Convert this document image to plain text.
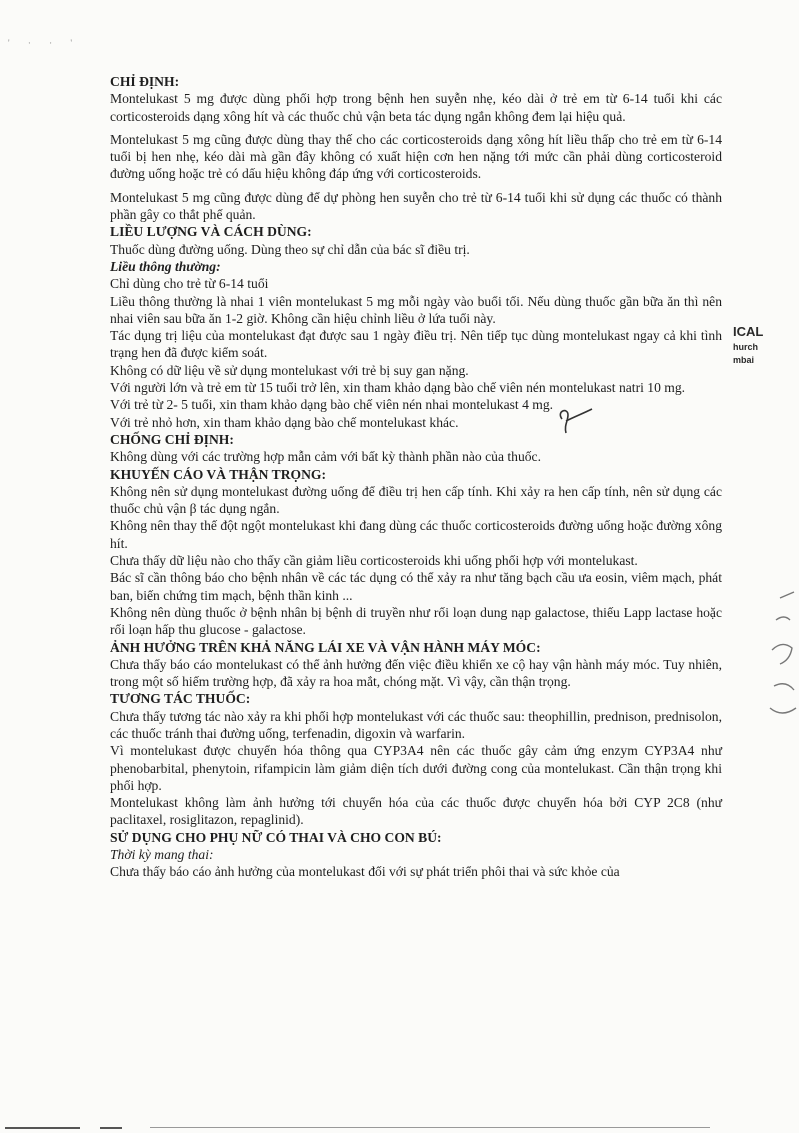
' · · '

CHỈ ĐỊNH:

Montelukast 5 mg được dùng phối hợp trong bệnh hen suyễn nhẹ, kéo dài ở trẻ em từ 6-14 tuổi khi các corticosteroids dạng xông hít và các thuốc chủ vận beta tác dụng ngắn không đem lại hiệu quả.

Montelukast 5 mg cũng được dùng thay thế cho các corticosteroids dạng xông hít liều thấp cho trẻ em từ 6-14 tuổi bị hen nhẹ, kéo dài mà gần đây không có xuất hiện cơn hen nặng tới mức cần phải dùng corticosteroid đường uống hoặc trẻ có dấu hiệu không đáp ứng với corticosteroids.

Montelukast 5 mg cũng được dùng để dự phòng hen suyễn cho trẻ từ 6-14 tuổi khi sử dụng các thuốc có thành phần gây co thắt phế quản.

LIỀU LƯỢNG VÀ CÁCH DÙNG:

Thuốc dùng đường uống. Dùng theo sự chỉ dẫn của bác sĩ điều trị.

Liều thông thường:

Chỉ dùng cho trẻ từ 6-14 tuổi

Liều thông thường là nhai 1 viên montelukast 5 mg mỗi ngày vào buổi tối. Nếu dùng thuốc gần bữa ăn thì nên nhai viên sau bữa ăn 1-2 giờ. Không cần hiệu chỉnh liều ở lứa tuổi này.

Tác dụng trị liệu của montelukast đạt được sau 1 ngày điều trị. Nên tiếp tục dùng montelukast ngay cả khi tình trạng hen đã được kiểm soát.

Không có dữ liệu về sử dụng montelukast với trẻ bị suy gan nặng.

Với người lớn và trẻ em từ 15 tuổi trở lên, xin tham khảo dạng bào chế viên nén montelukast natri 10 mg.

Với trẻ từ 2- 5 tuổi, xin tham khảo dạng bào chế viên nén nhai montelukast 4 mg.

Với trẻ nhỏ hơn, xin tham khảo dạng bào chế montelukast khác.

CHỐNG CHỈ ĐỊNH:

Không dùng với các trường hợp mẫn cảm với bất kỳ thành phần nào của thuốc.

KHUYẾN CÁO VÀ THẬN TRỌNG:

Không nên sử dụng montelukast đường uống để điều trị hen cấp tính. Khi xảy ra hen cấp tính, nên sử dụng các thuốc chủ vận β tác dụng ngắn.

Không nên thay thế đột ngột montelukast khi đang dùng các thuốc corticosteroids đường uống hoặc đường xông hít.

Chưa thấy dữ liệu nào cho thấy cần giảm liều corticosteroids khi uống phối hợp với montelukast.

Bác sĩ cần thông báo cho bệnh nhân về các tác dụng có thể xảy ra như tăng bạch cầu ưa eosin, viêm mạch, phát ban, biến chứng tim mạch, bệnh thần kinh ...

Không nên dùng thuốc ở bệnh nhân bị bệnh di truyền như rối loạn dung nạp galactose, thiếu Lapp lactase hoặc rối loạn hấp thu glucose - galactose.

ẢNH HƯỞNG TRÊN KHẢ NĂNG LÁI XE VÀ VẬN HÀNH MÁY MÓC:

Chưa thấy báo cáo montelukast có thể ảnh hưởng đến việc điều khiển xe cộ hay vận hành máy móc. Tuy nhiên, trong một số hiếm trường hợp, đã xảy ra hoa mắt, chóng mặt. Vì vậy, cần thận trọng.

TƯƠNG TÁC THUỐC:

Chưa thấy tương tác nào xảy ra khi phối hợp montelukast với các thuốc sau: theophillin, prednison, prednisolon, các thuốc tránh thai đường uống, terfenadin, digoxin và warfarin.

Vì montelukast được chuyển hóa thông qua CYP3A4 nên các thuốc gây cảm ứng enzym CYP3A4 như phenobarbital, phenytoin, rifampicin làm giảm diện tích dưới đường cong của montelukast. Cần thận trọng khi phối hợp.

Montelukast không làm ảnh hưởng tới chuyển hóa của các thuốc được chuyển hóa bởi CYP 2C8 (như paclitaxel, rosiglitazon, repaglinid).

SỬ DỤNG CHO PHỤ NỮ CÓ THAI VÀ CHO CON BÚ:

Thời kỳ mang thai:

Chưa thấy báo cáo ảnh hưởng của montelukast đối với sự phát triển phôi thai và sức khỏe của

ICAL
hurch
mbai
